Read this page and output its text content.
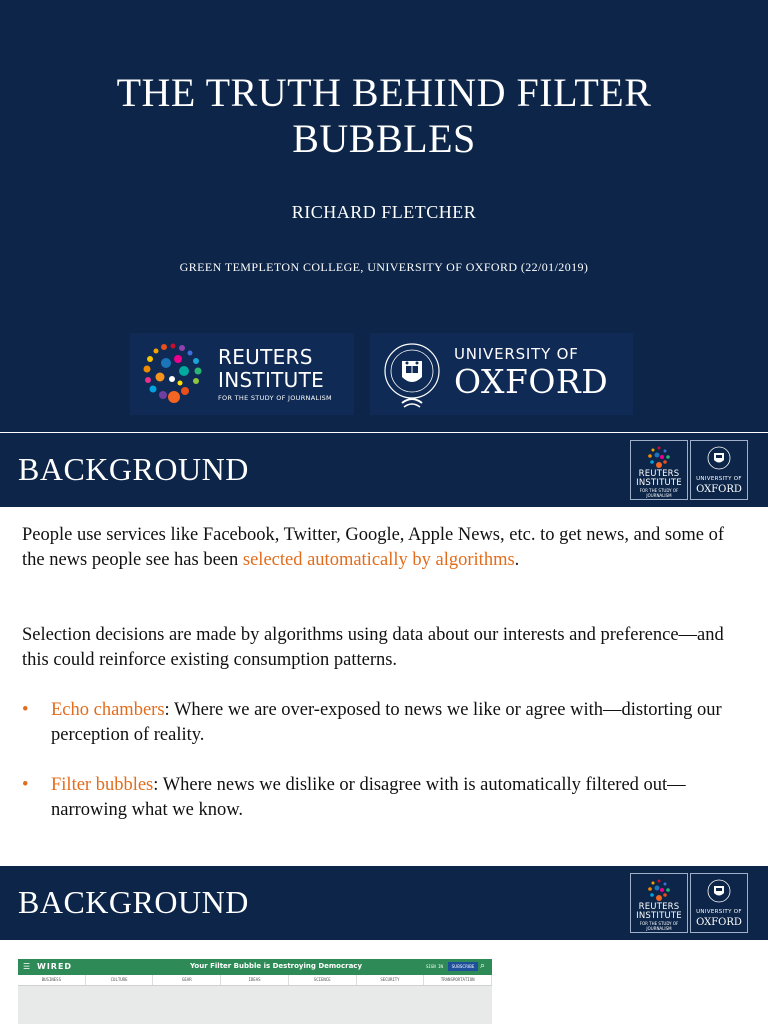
THE TRUTH BEHIND FILTER
BUBBLES
RICHARD FLETCHER
GREEN TEMPLETON COLLEGE, UNIVERSITY OF OXFORD (22/01/2019)
REUTERS
INSTITUTE
FOR THE STUDY OF JOURNALISM
UNIVERSITY OF
OXFORD
BACKGROUND	REUTERS
INSTITUTE
FOR THE STUDY OF JOURNALISM
UNIVERSITY OF
OXFORD
People use services like Facebook, Twitter, Google, Apple News, etc. to get news, and some of the news people see has been selected automatically by algorithms.
Selection decisions are made by algorithms using data about our interests and preference—and this could reinforce existing consumption patterns.
• Echo chambers: Where we are over-exposed to news we like or agree with—distorting our perception of reality.
• Filter bubbles: Where news we dislike or disagree with is automatically filtered out—narrowing what we know.
BACKGROUND	REUTERS
INSTITUTE
FOR THE STUDY OF JOURNALISM
UNIVERSITY OF
OXFORD
☰ WIRED	Your Filter Bubble is Destroying Democracy	SIGN IN	SUBSCRIBE ⌕
BUSINESS	CULTURE	GEAR	IDEAS	SCIENCE	SECURITY	TRANSPORTATION
